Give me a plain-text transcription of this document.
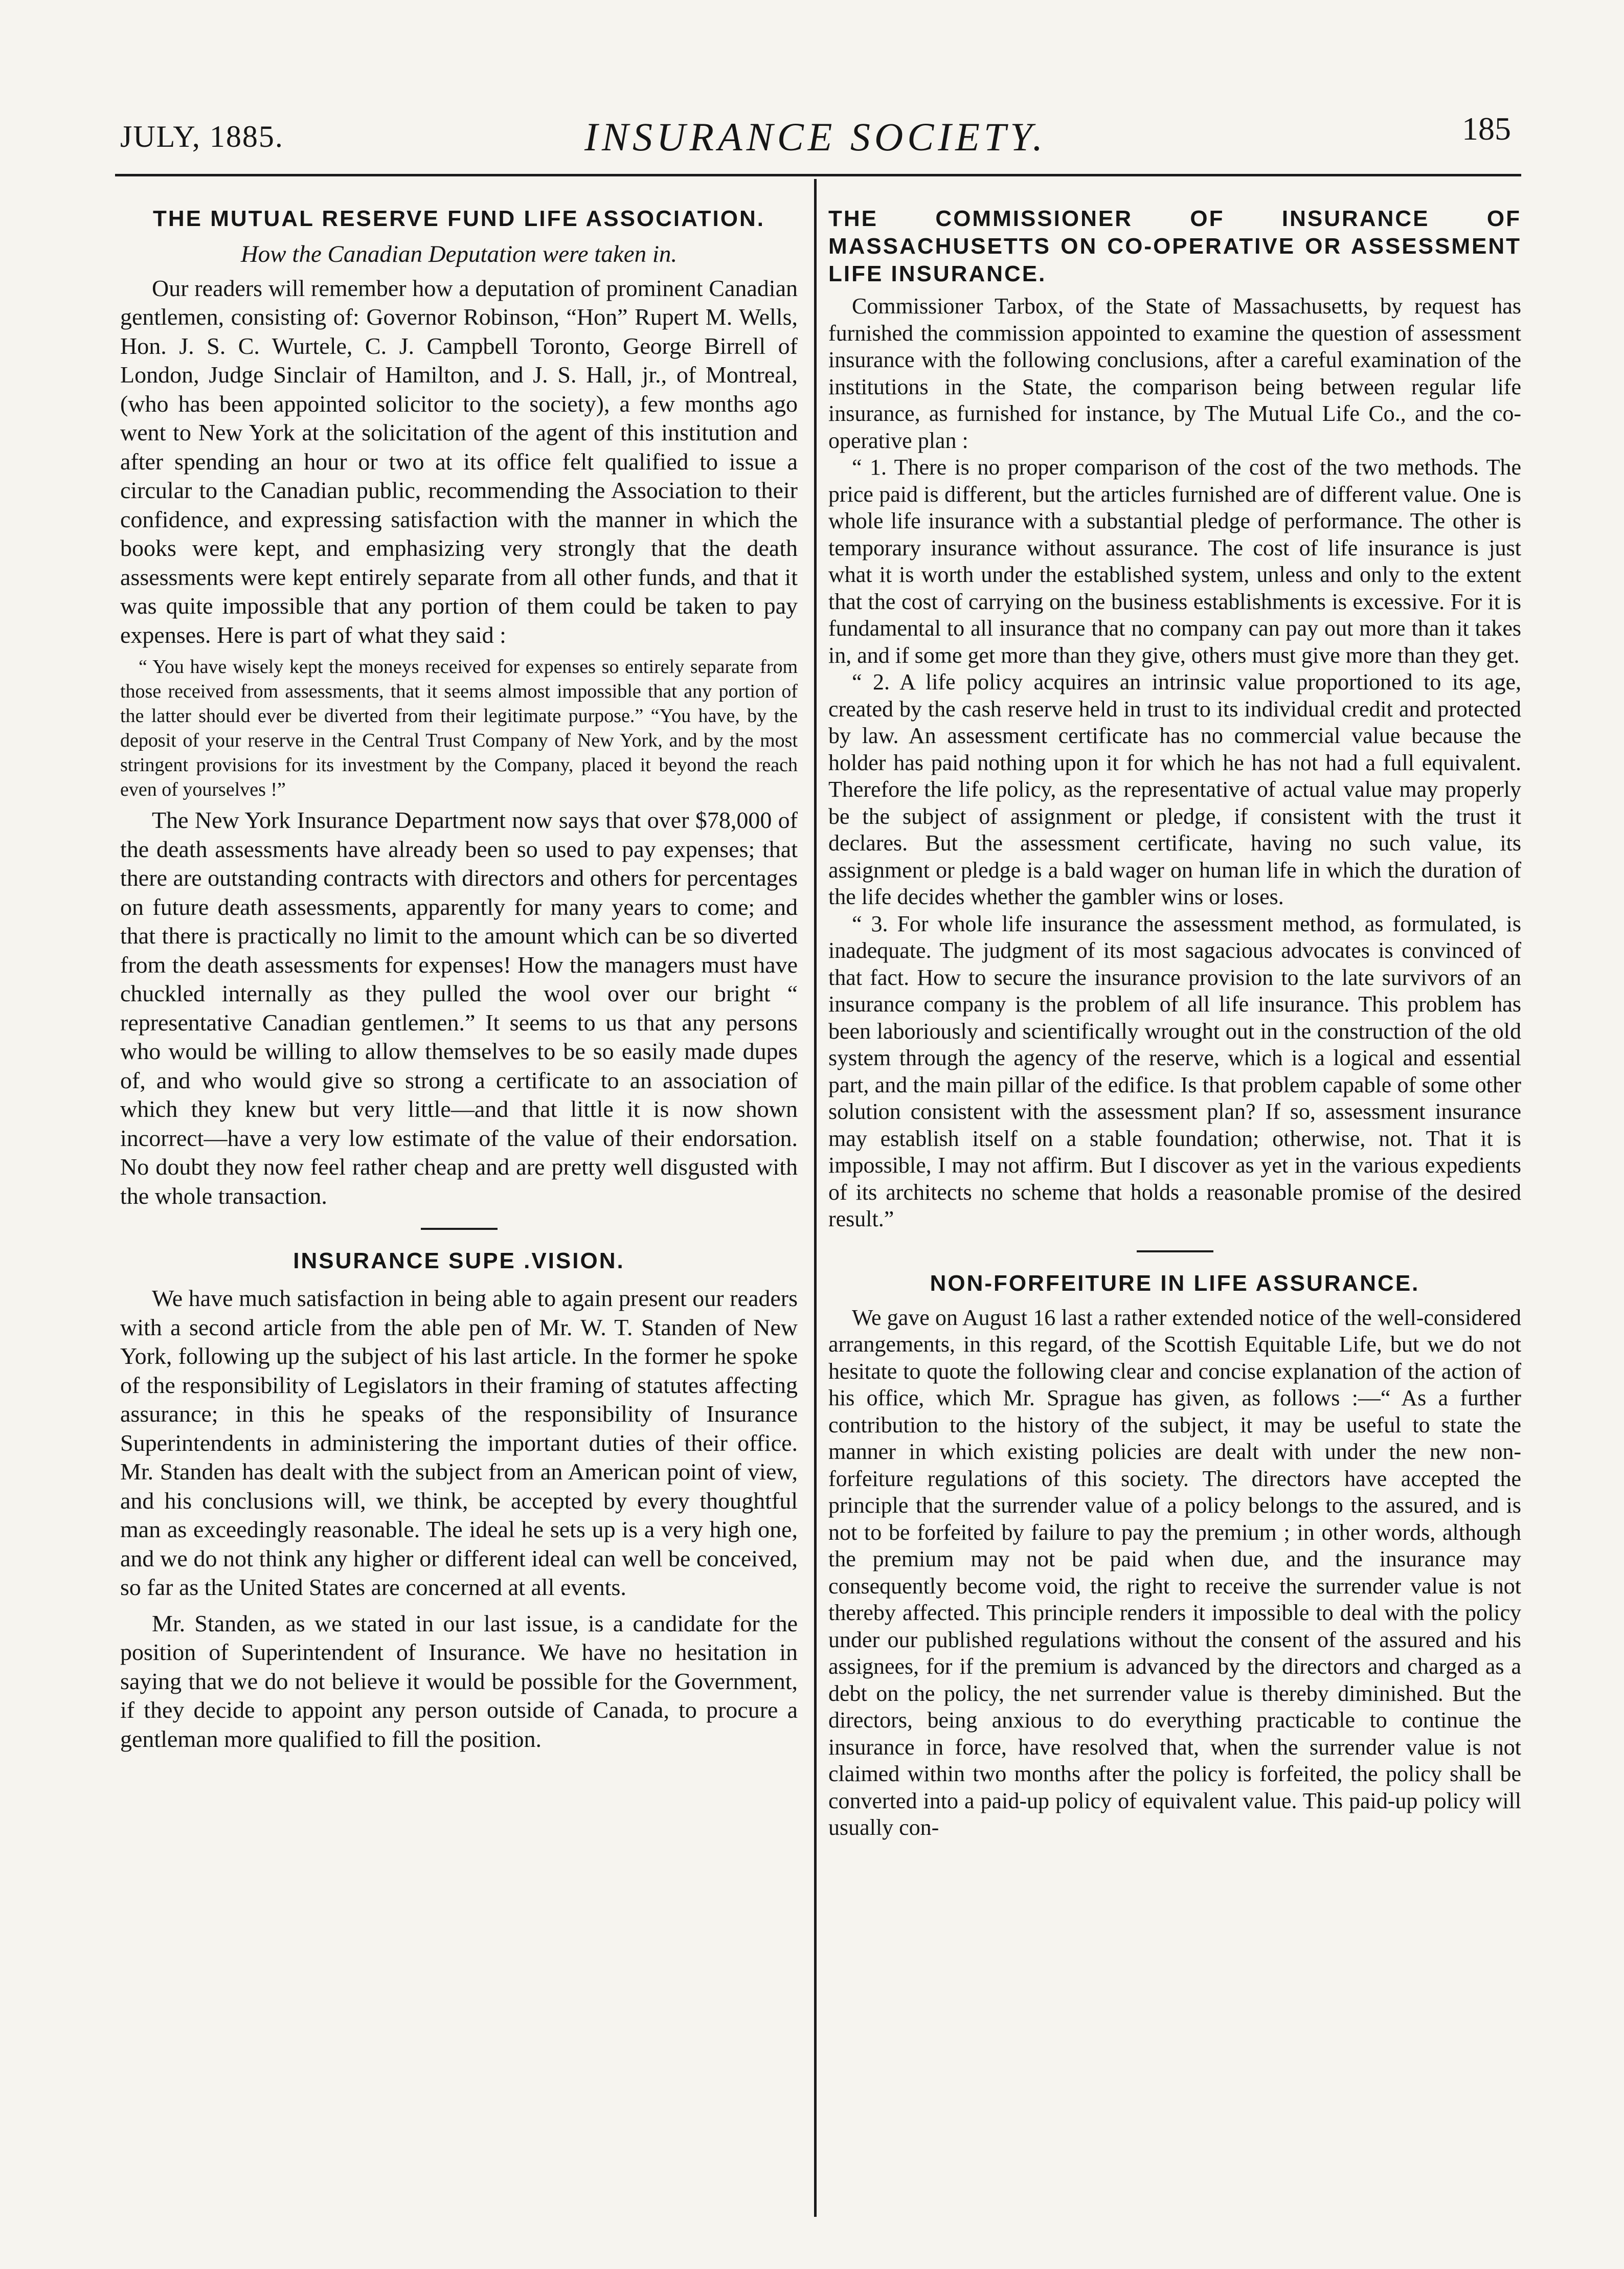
JULY, 1885.	INSURANCE SOCIETY.	185
THE MUTUAL RESERVE FUND LIFE ASSOCIATION.
How the Canadian Deputation were taken in.

Our readers will remember how a deputation of prominent Canadian gentlemen, consisting of: Governor Robinson, “Hon” Rupert M. Wells, Hon. J. S. C. Wurtele, C. J. Campbell Toronto, George Birrell of London, Judge Sinclair of Hamilton, and J. S. Hall, jr., of Montreal, (who has been appointed solicitor to the society), a few months ago went to New York at the solicitation of the agent of this institution and after spending an hour or two at its office felt qualified to issue a circular to the Canadian public, recommending the Association to their confidence, and expressing satisfaction with the manner in which the books were kept, and emphasizing very strongly that the death assessments were kept entirely separate from all other funds, and that it was quite impossible that any portion of them could be taken to pay expenses. Here is part of what they said :

“ You have wisely kept the moneys received for expenses so entirely separate from those received from assessments, that it seems almost impossible that any portion of the latter should ever be diverted from their legitimate purpose.” “You have, by the deposit of your reserve in the Central Trust Company of New York, and by the most stringent provisions for its investment by the Company, placed it beyond the reach even of yourselves !”

The New York Insurance Department now says that over $78,000 of the death assessments have already been so used to pay expenses; that there are outstanding contracts with directors and others for percentages on future death assessments, apparently for many years to come; and that there is practically no limit to the amount which can be so diverted from the death assessments for expenses! How the managers must have chuckled internally as they pulled the wool over our bright “ representative Canadian gentlemen.” It seems to us that any persons who would be willing to allow themselves to be so easily made dupes of, and who would give so strong a certificate to an association of which they knew but very little—and that little it is now shown incorrect—have a very low estimate of the value of their endorsation. No doubt they now feel rather cheap and are pretty well disgusted with the whole transaction.

INSURANCE SUPE .VISION.

We have much satisfaction in being able to again present our readers with a second article from the able pen of Mr. W. T. Standen of New York, following up the subject of his last article. In the former he spoke of the responsibility of Legislators in their framing of statutes affecting assurance; in this he speaks of the responsibility of Insurance Superintendents in administering the important duties of their office. Mr. Standen has dealt with the subject from an American point of view, and his conclusions will, we think, be accepted by every thoughtful man as exceedingly reasonable. The ideal he sets up is a very high one, and we do not think any higher or different ideal can well be conceived, so far as the United States are concerned at all events.

Mr. Standen, as we stated in our last issue, is a candidate for the position of Superintendent of Insurance. We have no hesitation in saying that we do not believe it would be possible for the Government, if they decide to appoint any person outside of Canada, to procure a gentleman more qualified to fill the position.

THE COMMISSIONER OF INSURANCE OF MASSACHUSETTS ON CO-OPERATIVE OR ASSESSMENT LIFE INSURANCE.

Commissioner Tarbox, of the State of Massachusetts, by request has furnished the commission appointed to examine the question of assessment insurance with the following conclusions, after a careful examination of the institutions in the State, the comparison being between regular life insurance, as furnished for instance, by The Mutual Life Co., and the co-operative plan :

“ 1. There is no proper comparison of the cost of the two methods. The price paid is different, but the articles furnished are of different value. One is whole life insurance with a substantial pledge of performance. The other is temporary insurance without assurance. The cost of life insurance is just what it is worth under the established system, unless and only to the extent that the cost of carrying on the business establishments is excessive. For it is fundamental to all insurance that no company can pay out more than it takes in, and if some get more than they give, others must give more than they get.

“ 2. A life policy acquires an intrinsic value proportioned to its age, created by the cash reserve held in trust to its individual credit and protected by law. An assessment certificate has no commercial value because the holder has paid nothing upon it for which he has not had a full equivalent. Therefore the life policy, as the representative of actual value may properly be the subject of assignment or pledge, if consistent with the trust it declares. But the assessment certificate, having no such value, its assignment or pledge is a bald wager on human life in which the duration of the life decides whether the gambler wins or loses.

“ 3. For whole life insurance the assessment method, as formulated, is inadequate. The judgment of its most sagacious advocates is convinced of that fact. How to secure the insurance provision to the late survivors of an insurance company is the problem of all life insurance. This problem has been laboriously and scientifically wrought out in the construction of the old system through the agency of the reserve, which is a logical and essential part, and the main pillar of the edifice. Is that problem capable of some other solution consistent with the assessment plan? If so, assessment insurance may establish itself on a stable foundation; otherwise, not. That it is impossible, I may not affirm. But I discover as yet in the various expedients of its architects no scheme that holds a reasonable promise of the desired result.”

NON-FORFEITURE IN LIFE ASSURANCE.

We gave on August 16 last a rather extended notice of the well-considered arrangements, in this regard, of the Scottish Equitable Life, but we do not hesitate to quote the following clear and concise explanation of the action of his office, which Mr. Sprague has given, as follows :—“ As a further contribution to the history of the subject, it may be useful to state the manner in which existing policies are dealt with under the new non-forfeiture regulations of this society. The directors have accepted the principle that the surrender value of a policy belongs to the assured, and is not to be forfeited by failure to pay the premium ; in other words, although the premium may not be paid when due, and the insurance may consequently become void, the right to receive the surrender value is not thereby affected. This principle renders it impossible to deal with the policy under our published regulations without the consent of the assured and his assignees, for if the premium is advanced by the directors and charged as a debt on the policy, the net surrender value is thereby diminished. But the directors, being anxious to do everything practicable to continue the insurance in force, have resolved that, when the surrender value is not claimed within two months after the policy is forfeited, the policy shall be converted into a paid-up policy of equivalent value. This paid-up policy will usually con-
